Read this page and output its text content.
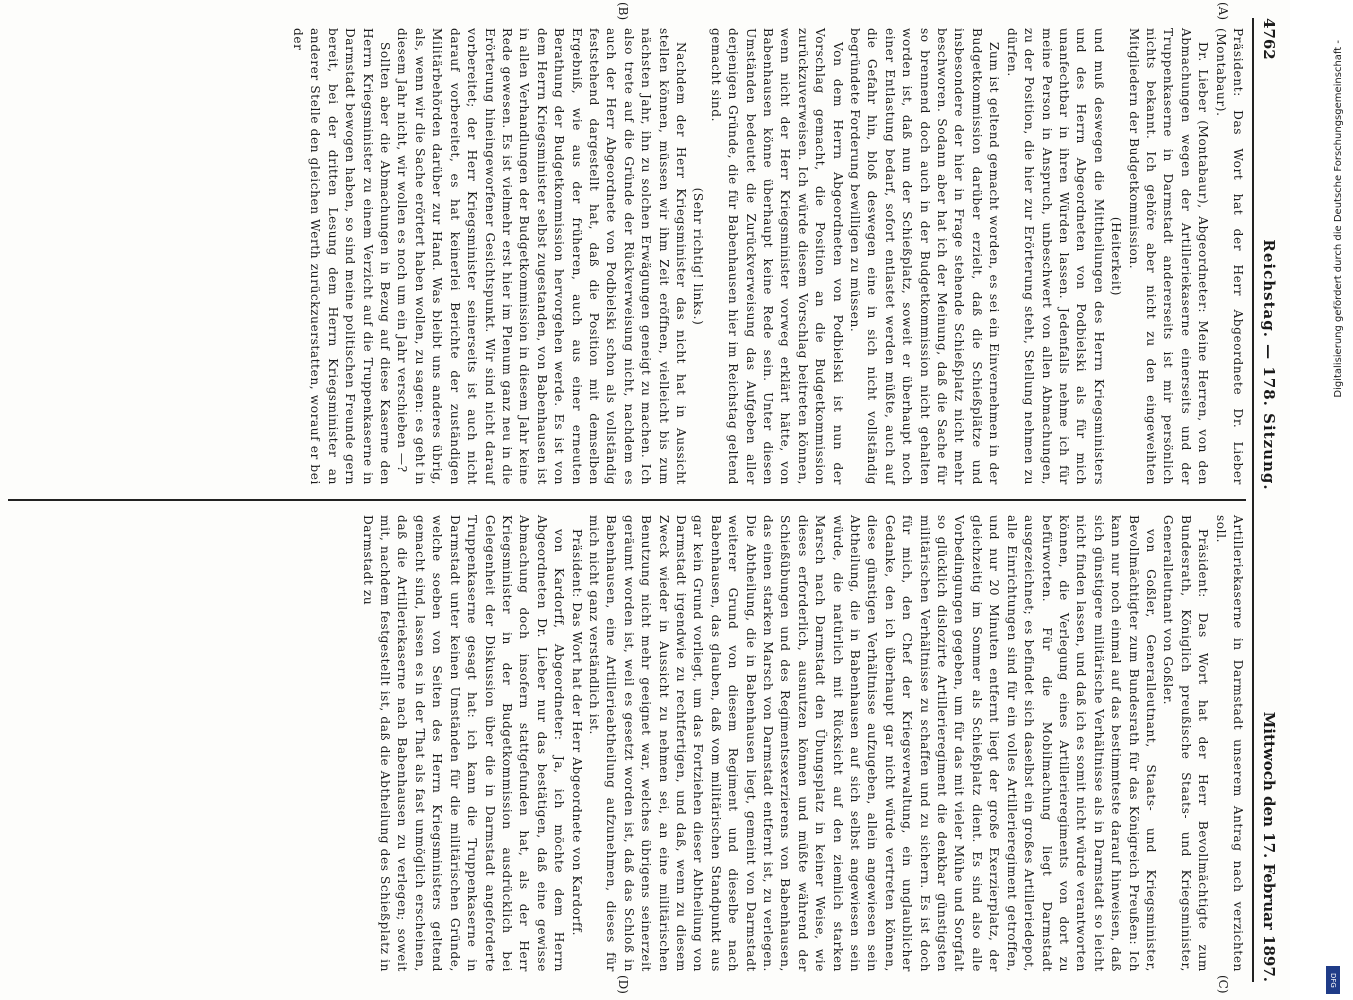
4762
Reichstag. — 178. Sitzung.
Mittwoch den 17. Februar 1897.
(A)
(B)
(C)
(D)

Präsident: Das Wort hat der Herr Abgeordnete Dr. Lieber (Montabaur).

Dr. Lieber (Montabaur), Abgeordneter: Meine Herren, von den Abmachungen wegen der Artilleriekaserne einerseits und der Truppenkaserne in Darmstadt andererseits ist mir persönlich nichts bekannt. Ich gehöre aber nicht zu den eingeweihten Mitgliedern der Budgetkommission.

(Heiterkeit)

und muß deswegen die Mittheilungen des Herrn Kriegsministers und des Herrn Abgeordneten von Podbielski als für mich unanfechtbar in ihren Würden lassen. Jedenfalls nehme ich für meine Person in Anspruch, unbeschwert von allen Abmachungen, zu der Position, die hier zur Erörterung steht, Stellung nehmen zu dürfen.

Zum ist geltend gemacht worden, es sei ein Einvernehmen in der Budgetkommission darüber erzielt, daß die Schießplätze und insbesondere der hier in Frage stehende Schießplatz nicht mehr beschworen. Sodann aber hat ich der Meinung, daß die Sache für so brennend doch auch in der Budgetkommission nicht gehalten worden ist, daß nun der Schießplatz, soweit er überhaupt noch einer Entlastung bedarf, sofort entlastet werden müßte, auch auf die Gefahr hin, bloß deswegen eine in sich nicht vollständig begründete Forderung bewilligen zu müssen.

Von dem Herrn Abgeordneten von Podbielski ist nun der Vorschlag gemacht, die Position an die Budgetkommission zurückzuverweisen. Ich würde diesem Vorschlag beitreten können, wenn nicht der Herr Kriegsminister vorweg erklärt hätte, von Babenhausen könne überhaupt keine Rede sein. Unter diesen Umständen bedeutet die Zurückverweisung das Aufgeben aller derjenigen Gründe, die für Babenhausen hier im Reichstag geltend gemacht sind.

(Sehr richtig! links.)

Nachdem der Herr Kriegsminister das nicht hat in Aussicht stellen können, müssen wir ihm Zeit eröffnen, vielleicht bis zum nächsten Jahr, ihn zu solchen Erwägungen geneigt zu machen. Ich also trete auf die Gründe der Rückverweisung nicht, nachdem es auch der Herr Abgeordnete von Podbielski schon als vollständig feststehend dargestellt hat, daß die Position mit demselben Ergebniß, wie aus der früheren, auch aus einer erneuten Berathung der Budgetkommission hervorgehen werde. Es ist von dem Herrn Kriegsminister selbst zugestanden, von Babenhausen ist in allen Verhandlungen der Budgetkommission in diesem Jahr keine Rede gewesen. Es ist vielmehr erst hier im Plenum ganz neu in die Erörterung hineingeworfener Gesichtspunkt. Wir sind nicht darauf vorbereitet; der Herr Kriegsminister seinerseits ist auch nicht darauf vorbereitet, es hat keinerlei Berichte der zuständigen Militärbehörden darüber zur Hand. Was bleibt uns anderes übrig, als, wenn wir die Sache erörtert haben wollen, zu sagen: es geht in diesem Jahr nicht, wir wollen es noch um ein Jahr verschieben —?

Sollten aber die Abmachungen in Bezug auf diese Kaserne den Herrn Kriegsminister zu einem Verzicht auf die Truppenkaserne in Darmstadt bewogen haben, so sind meine politischen Freunde gern bereit, bei der dritten Lesung dem Herrn Kriegsminister an anderer Stelle den gleichen Werth zurückzuerstatten, worauf er bei der

Artilleriekaserne in Darmstadt unserem Antrag nach verzichten soll.

Präsident: Das Wort hat der Herr Bevollmächtigte zum Bundesrath, Königlich preußische Staats- und Kriegsminister, Generalleutnant von Goßler.

von Goßler, Generalleutnant, Staats- und Kriegsminister, Bevollmächtigter zum Bundesrath für das Königreich Preußen: Ich kann nur noch einmal auf das bestimmteste darauf hinweisen, daß sich günstigere militärische Verhältnisse als in Darmstadt so leicht nicht finden lassen, und daß ich es somit nicht würde verantworten können, die Verlegung eines Artillerieregiments von dort zu befürworten. Für die Mobilmachung liegt Darmstadt ausgezeichnet; es befindet sich daselbst ein großes Artilleriedepot, alle Einrichtungen sind für ein volles Artillerieregiment getroffen, und nur 20 Minuten entfernt liegt der große Exerzierplatz, der gleichzeitig im Sommer als Schießplatz dient. Es sind also alle Vorbedingungen gegeben, um für das mit vieler Mühe und Sorgfalt so glücklich dislozirte Artillerieregiment die denkbar günstigsten militärischen Verhältnisse zu schaffen und zu sichern. Es ist doch für mich, den Chef der Kriegsverwaltung, ein unglaublicher Gedanke, den ich überhaupt gar nicht würde vertreten können, diese günstigen Verhältnisse aufzugeben, allein angewiesen sein Abtheilung, die in Babenhausen auf sich selbst angewiesen sein würde, die natürlich mit Rücksicht auf den ziemlich starken Marsch nach Darmstadt den Übungsplatz in keiner Weise, wie dieses erforderlich, ausnutzen können und müßte während der Schießübungen und des Regimentsexerzierens von Babenhausen, das einen starken Marsch von Darmstadt entfernt ist, zu verlegen. Die Abtheilung, die in Babenhausen liegt, gemeint von Darmstadt weiterer Grund von diesem Regiment und dieselbe nach Babenhausen, das glauben, daß vom militärischen Standpunkt aus gar kein Grund vorliegt, um das Fortziehen dieser Abtheilung von Darmstadt irgendwie zu rechtfertigen, und daß, wenn zu diesem Zweck wieder in Aussicht zu nehmen sei, an eine militärischen Benutzung nicht mehr geeignet war, welches übrigens seinerzeit geräumt worden ist, weil es gesetzt worden ist, daß das Schloß in Babenhausen, eine Artillerieabtheilung aufzunehmen, dieses für mich nicht ganz verständlich ist.

Präsident: Das Wort hat der Herr Abgeordnete von Kardorff.

von Kardorff, Abgeordneter: Ja, ich möchte dem Herrn Abgeordneten Dr. Lieber nur das bestätigen, daß eine gewisse Abmachung doch insofern stattgefunden hat, als der Herr Kriegsminister in der Budgetkommission ausdrücklich bei Gelegenheit der Diskussion über die in Darmstadt angeforderte Truppenkaserne gesagt hat: ich kann die Truppenkaserne in Darmstadt unter keinen Umständen für die militärischen Gründe, welche soeben von Seiten des Herrn Kriegsministers geltend gemacht sind, lassen es in der That als fast unmöglich erscheinen, daß die Artilleriekaserne nach Babenhausen zu verlegen; soweit mit, nachdem festgestellt ist, daß die Abtheilung des Schießplatz in Darmstadt zu

Digitalisierung gefördert durch die Deutsche Forschungsgemeinschaft -
DFG
